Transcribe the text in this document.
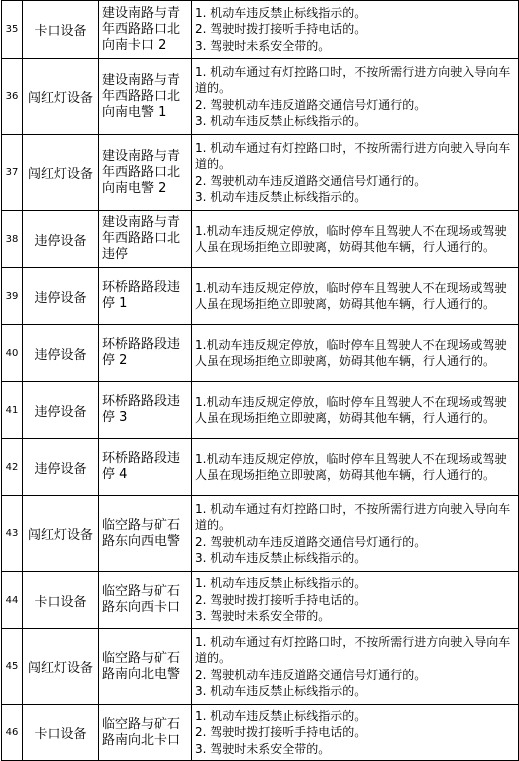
35	卡口设备	建设南路与青年西路路口北向南卡口 2	1. 机动车违反禁止标线指示的。
2. 驾驶时拨打接听手持电话的。
3. 驾驶时未系安全带的。

36	闯红灯设备	建设南路与青年西路路口北向南电警 1	1. 机动车通过有灯控路口时，不按所需行进方向驶入导向车道的。
2. 驾驶机动车违反道路交通信号灯通行的。
3. 机动车违反禁止标线指示的。

37	闯红灯设备	建设南路与青年西路路口北向南电警 2	1. 机动车通过有灯控路口时，不按所需行进方向驶入导向车道的。
2. 驾驶机动车违反道路交通信号灯通行的。
3. 机动车违反禁止标线指示的。

38	违停设备	建设南路与青年西路路口北违停	1.机动车违反规定停放，临时停车且驾驶人不在现场或驾驶人虽在现场拒绝立即驶离，妨碍其他车辆，行人通行的。

39	违停设备	环桥路路段违停 1	1.机动车违反规定停放，临时停车且驾驶人不在现场或驾驶人虽在现场拒绝立即驶离，妨碍其他车辆，行人通行的。

40	违停设备	环桥路路段违停 2	1.机动车违反规定停放，临时停车且驾驶人不在现场或驾驶人虽在现场拒绝立即驶离，妨碍其他车辆，行人通行的。

41	违停设备	环桥路路段违停 3	1.机动车违反规定停放，临时停车且驾驶人不在现场或驾驶人虽在现场拒绝立即驶离，妨碍其他车辆，行人通行的。

42	违停设备	环桥路路段违停 4	1.机动车违反规定停放，临时停车且驾驶人不在现场或驾驶人虽在现场拒绝立即驶离，妨碍其他车辆，行人通行的。

43	闯红灯设备	临空路与矿石路东向西电警	1. 机动车通过有灯控路口时，不按所需行进方向驶入导向车道的。
2. 驾驶机动车违反道路交通信号灯通行的。
3. 机动车违反禁止标线指示的。

44	卡口设备	临空路与矿石路东向西卡口	1. 机动车违反禁止标线指示的。
2. 驾驶时拨打接听手持电话的。
3. 驾驶时未系安全带的。

45	闯红灯设备	临空路与矿石路南向北电警	1. 机动车通过有灯控路口时，不按所需行进方向驶入导向车道的。
2. 驾驶机动车违反道路交通信号灯通行的。
3. 机动车违反禁止标线指示的。

46	卡口设备	临空路与矿石路南向北卡口	1. 机动车违反禁止标线指示的。
2. 驾驶时拨打接听手持电话的。
3. 驾驶时未系安全带的。
